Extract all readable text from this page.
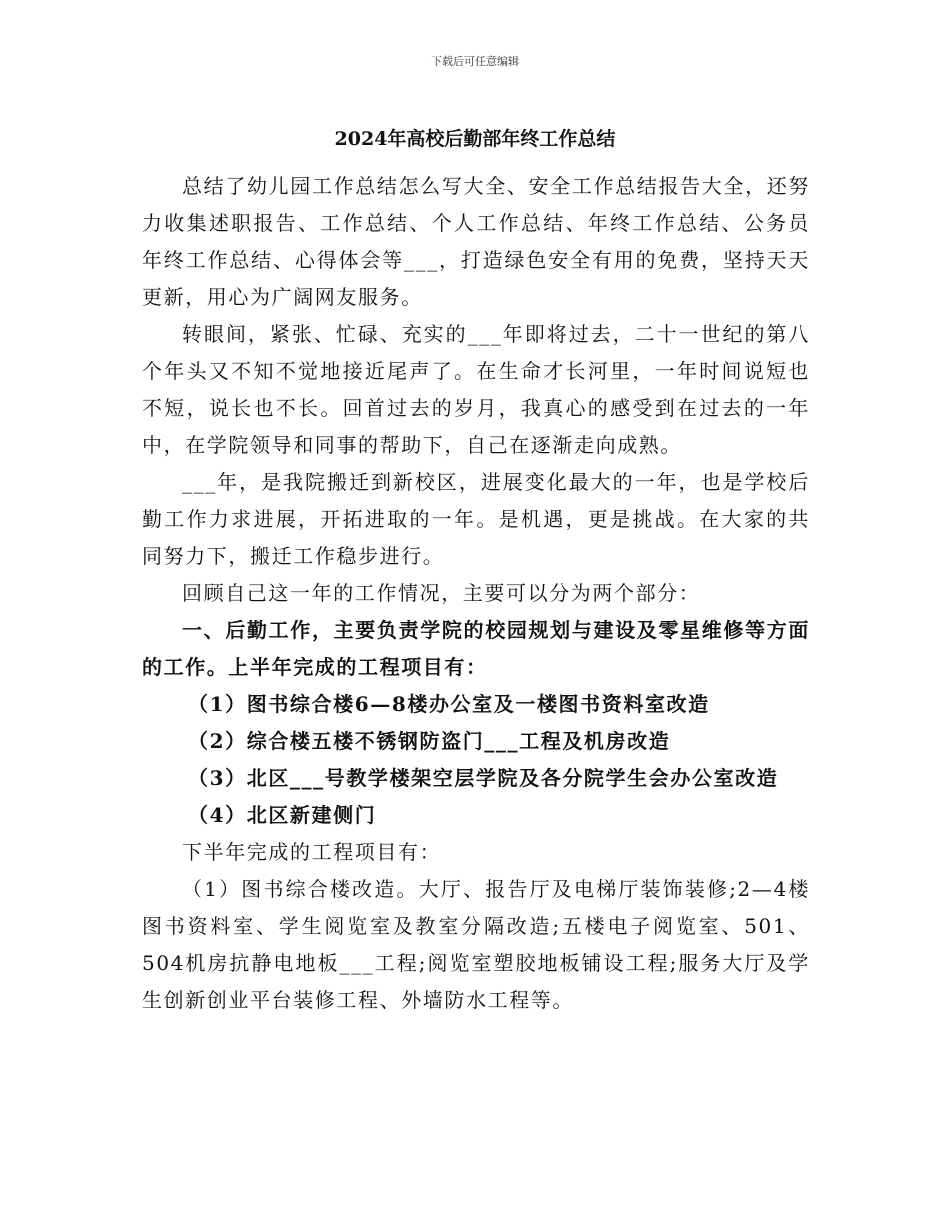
下载后可任意编辑
2024年高校后勤部年终工作总结

总结了幼儿园工作总结怎么写大全、安全工作总结报告大全，还努力收集述职报告、工作总结、个人工作总结、年终工作总结、公务员年终工作总结、心得体会等___，打造绿色安全有用的免费，坚持天天更新，用心为广阔网友服务。

转眼间，紧张、忙碌、充实的___年即将过去，二十一世纪的第八个年头又不知不觉地接近尾声了。在生命才长河里，一年时间说短也不短，说长也不长。回首过去的岁月，我真心的感受到在过去的一年中，在学院领导和同事的帮助下，自己在逐渐走向成熟。

___年，是我院搬迁到新校区，进展变化最大的一年，也是学校后勤工作力求进展，开拓进取的一年。是机遇，更是挑战。在大家的共同努力下，搬迁工作稳步进行。

回顾自己这一年的工作情况，主要可以分为两个部分：

一、后勤工作，主要负责学院的校园规划与建设及零星维修等方面的工作。上半年完成的工程项目有：

（1）图书综合楼6—8楼办公室及一楼图书资料室改造

（2）综合楼五楼不锈钢防盗门___工程及机房改造

（3）北区___号教学楼架空层学院及各分院学生会办公室改造

（4）北区新建侧门

下半年完成的工程项目有：

（1）图书综合楼改造。大厅、报告厅及电梯厅装饰装修;2—4楼图书资料室、学生阅览室及教室分隔改造;五楼电子阅览室、501、504机房抗静电地板___工程;阅览室塑胶地板铺设工程;服务大厅及学生创新创业平台装修工程、外墙防水工程等。
